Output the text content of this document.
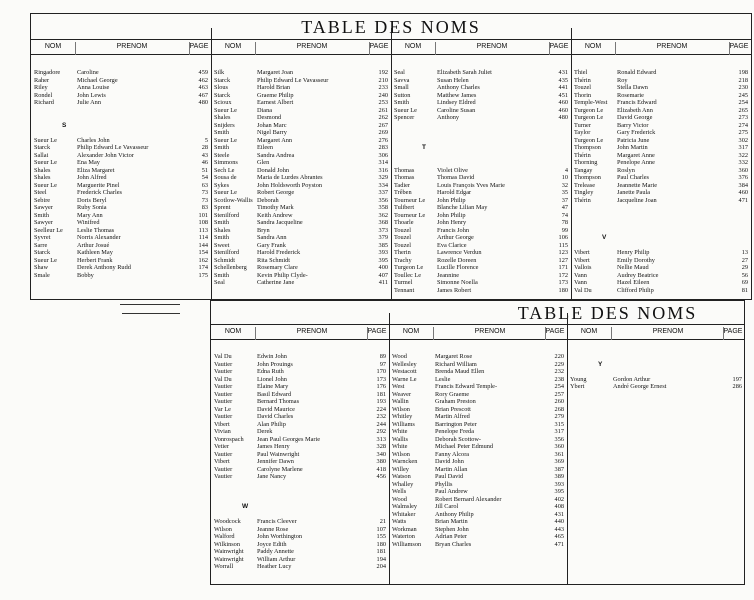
TABLE DES NOMS
NOM	PRENOM	PAGE	NOM	PRENOM	PAGE	NOM	PRENOM	PAGE	NOM	PRENOM	PAGE
Ringadore	Caroline	459
Raher	Michael George	462
Riley	Anna Louise	463
Rondel	John Lewis	467
Richard	Julie Ann	480
S
Sueur Le	Charles John	5
Starck	Philip Edward Le Vavasseur	28
Sallai	Alexander John Victor	43
Sueur Le	Ena May	46
Shales	Eliza Margaret	51
Shales	John Alfred	54
Sueur Le	Marguerite Pinel	63
Steel	Frederick Charles	73
Sebire	Doris Beryl	73
Sawyer	Ruby Sonia	83
Smith	Mary Ann	101
Sawyer	Winifred	108
Seelleur Le	Leslie Thomas	113
Syvret	Norris Alexander	114
Sarre	Arthur Josué	144
Starck	Kathleen May	154
Sueur Le	Herbert Frank	162
Shaw	Derek Anthony Rudd	174
Smale	Bobby	175
Silk	Margaret Joan	192
Starck	Philip Edward Le Vavasseur	210
Slous	Harold Brian	233
Starck	Graeme Philip	240
Scioux	Earnest Albert	253
Sueur Le	Diana	261
Shales	Desmond	262
Snijders	Johan Marc	267
Smith	Nigel Barry	269
Sueur Le	Margaret Ann	276
Smith	Eileen	283
Steele	Sandra Andrea	306
Simmons	Glen	314
Sech Le	Donald John	316
Sousa de	Maria de Lurdes Abrantes	329
Sykes	John Holdsworth Poyston	334
Sueur Le	Robert George	337
Scotlow-Wallis Deborah	356
Sprent	Timothy Mark	358
Stenilford	Keith Andrew	362
Smith	Sandra Jacqueline	368
Shales	Bryn	373
Smith	Sandra Ann	379
Sweet	Gary Frank	385
Stenilford	Harold Frederick	393
Schmidt	Rita Schmidt	395
Schellenberg	Rosemary Clare	400
Smith	Kevin Philip Clyde-	407
Seal	Catherine Jane	411
Seal	Elizabeth Sarah Juliet	431
Savva	Susan Helen	435
Small	Anthony Charles	441
Sutton	Matthew James	451
Smith	Lindsey Eldred	460
Sueur Le	Caroline Susan	460
Spencer	Anthony	480
T
Thomas	Violet Olive	4
Thomas	Thomas David	10
Tadier	Louis François Yves Marie	32
Trêben	Harold Edgar	35
Tourneur Le	John Philip	37
Tulibert	Blanche Lilian May	47
Tourneur Le	John Philip	74
Thoarle	John Henry	78
Touzel	Francis John	99
Touzel	Arthur George	106
Touzel	Eva Clarice	115
Therin	Lawrence Verdun	123
Trachy	Rozelle Doreen	127
Turgeon Le	Lucille Florence	171
Toullec Le	Jeannine	172
Turmel	Simonne Noella	173
Tennant	James Robert	180
Thiel	Ronald Edward	198
Thérin	Roy	218
Touzel	Stella Dawn	230
Thorin	Rosemarie	245
Temple-West	Francis Edward	254
Turgeon Le	Elizabeth Ann	265
Turgeon Le	David George	273
Turner	Barry Victor	274
Taylor	Gary Frederick	275
Turgeon Le	Patricia June	302
Thompson	John Martin	317
Thérin	Margaret Anne	322
Thorning	Penelope Anne	332
Tangay	Roslyn	360
Thompson	Paul Charles	376
Trelease	Jeannette Marie	384
Tingley	Janette Paula	460
Thérin	Jacqueline Joan	471
V
Vibert	Henry Philip	13
Vibert	Emily Dorothy	27
Vallois	Nellie Maud	29
Vann	Audrey Beatrice	56
Vann	Hazel Eileen	69
Val Du	Clifford Philip	81
TABLE DES NOMS
NOM	PRENOM	PAGE	NOM	PRENOM	PAGE	NOM	PRENOM	PAGE
Val Du	Edwin John	89
Vautier	John Prouings	97
Vautier	Edna Ruth	170
Val Du	Lionel John	173
Vautier	Elaine Mary	176
Vautier	Basil Edward	181
Vautier	Bernard Thomas	193
Var Le	David Maurice	224
Vautier	David Charles	232
Vibert	Alan Philip	244
Vivian	Derek	292
Vonrospach	Jean Paul Georges Marie	313
Vetier	James Henry	328
Vautier	Paul Wainwright	340
Vibert	Jennifer Dawn	380
Vautier	Carolyne Marlene	418
Vautier	Jane Nancy	456
W
Woodcock	Francis Cleever	21
Wilson	Jeanne Rose	107
Walford	John Worthington	155
Wilkinson	Joyce Edith	180
Wainwright	Paddy Annette	181
Wainwright	William Arthur	194
Worrall	Heather Lucy	204
Wood	Margaret Rose	220
Wellesley	Richard William	229
Westacott	Brenda Maud Ellen	232
Warne Le	Leslie	238
West	Francis Edward Temple-	254
Weaver	Rory Graeme	257
Wallin	Graham Preston	260
Wilson	Brian Prescott	268
Whitley	Martin Alfred	279
Williams	Barrington Peter	315
White	Penelope Freda	317
Wallis	Deborah Scottow-	356
White	Michael Peter Edmund	360
Wilson	Fanny Alcora	361
Warncken	David John	369
Willey	Martin Allan	387
Watson	Paul David	389
Whalley	Phyllis	393
Wells	Paul Andrew	395
Wood	Robert Bernard Alexander	402
Walmsley	Jill Carol	408
Whitaker	Anthony Philip	431
Watts	Brian Martin	440
Workman	Stephen John	443
Waterton	Adrian Peter	465
Williamson	Bryan Charles	471
Y
Young	Gordon Arthur	197
Ybert	André George Ernest	286
